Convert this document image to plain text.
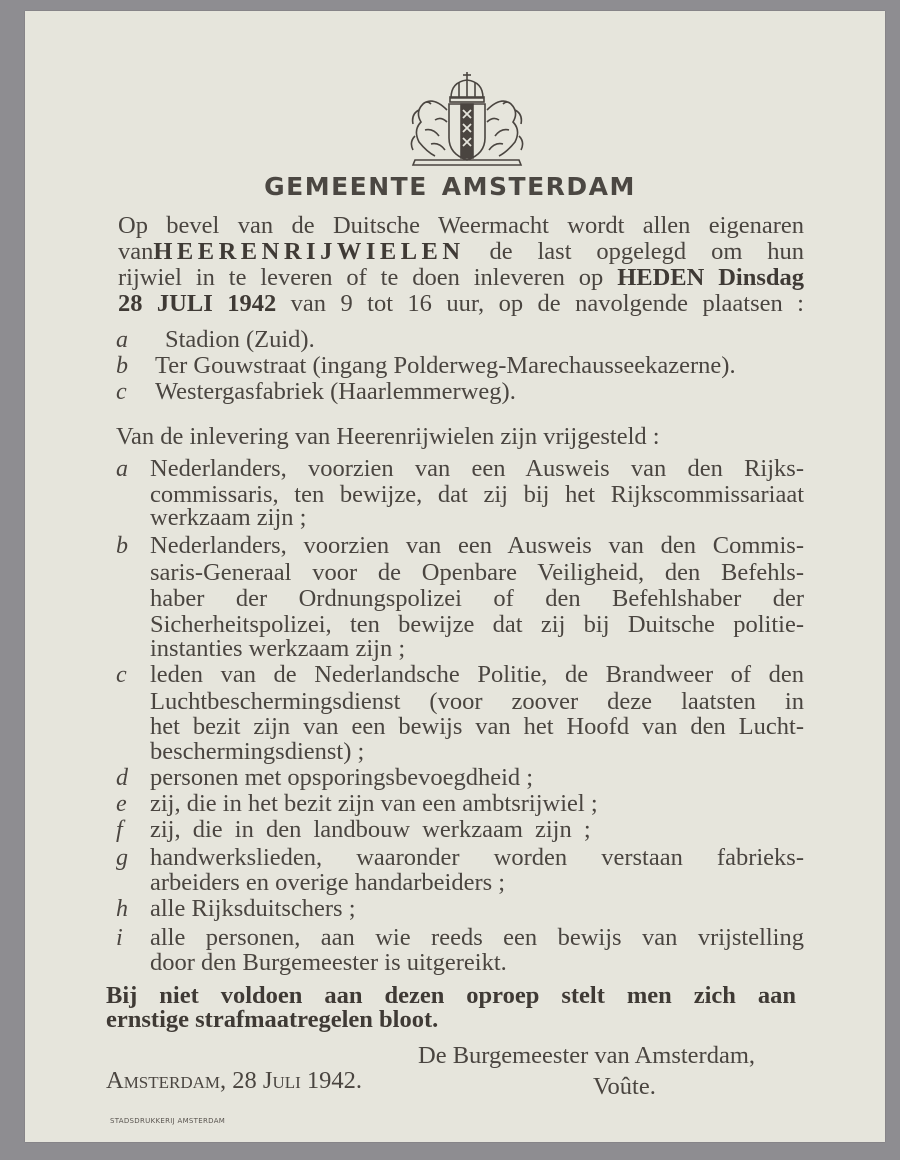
GEMEENTE AMSTERDAM
Op bevel van de Duitsche Weermacht wordt allen eigenaren
vanHEERENRIJWIELEN de last opgelegd om hun
rijwiel in te leveren of te doen inleveren op HEDEN Dinsdag
28 JULI 1942 van 9 tot 16 uur, op de navolgende plaatsen :
a Stadion (Zuid).
b Ter Gouwstraat (ingang Polderweg-Marechausseekazerne).
c Westergasfabriek (Haarlemmerweg).
Van de inlevering van Heerenrijwielen zijn vrijgesteld :
a Nederlanders, voorzien van een Ausweis van den Rijks-
commissaris, ten bewijze, dat zij bij het Rijkscommissariaat
werkzaam zijn ;
b Nederlanders, voorzien van een Ausweis van den Commis-
saris-Generaal voor de Openbare Veiligheid, den Befehls-
haber der Ordnungspolizei of den Befehlshaber der
Sicherheitspolizei, ten bewijze dat zij bij Duitsche politie-
instanties werkzaam zijn ;
c leden van de Nederlandsche Politie, de Brandweer of den
Luchtbeschermingsdienst (voor zoover deze laatsten in
het bezit zijn van een bewijs van het Hoofd van den Lucht-
beschermingsdienst) ;
d personen met opsporingsbevoegdheid ;
e zij, die in het bezit zijn van een ambtsrijwiel ;
f zij, die in den landbouw werkzaam zijn ;
g handwerkslieden, waaronder worden verstaan fabrieks-
arbeiders en overige handarbeiders ;
h alle Rijksduitschers ;
i alle personen, aan wie reeds een bewijs van vrijstelling
door den Burgemeester is uitgereikt.
Bij niet voldoen aan dezen oproep stelt men zich aan
ernstige strafmaatregelen bloot.
De Burgemeester van Amsterdam,
Voûte.
Amsterdam, 28 Juli 1942.
STADSDRUKKERIJ AMSTERDAM
